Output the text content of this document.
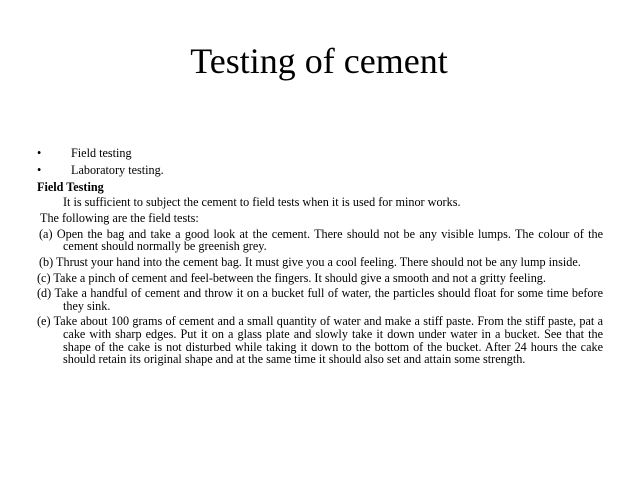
Testing of cement
•	Field testing
•	Laboratory testing.
Field Testing
It is sufficient to subject the cement to field tests when it is used for minor works.
The following are the field tests:
(a) Open the bag and take a good look at the cement. There should not be any visible lumps. The colour of the cement should normally be greenish grey.
(b) Thrust your hand into the cement bag. It must give you a cool feeling. There should not be any lump inside.
(c) Take a pinch of cement and feel-between the fingers. It should give a smooth and not a gritty feeling.
(d) Take a handful of cement and throw it on a bucket full of water, the particles should float for some time before they sink.
(e) Take about 100 grams of cement and a small quantity of water and make a stiff paste. From the stiff paste, pat a cake with sharp edges. Put it on a glass plate and slowly take it down under water in a bucket. See that the shape of the cake is not disturbed while taking it down to the bottom of the bucket. After 24 hours the cake should retain its original shape and at the same time it should also set and attain some strength.
